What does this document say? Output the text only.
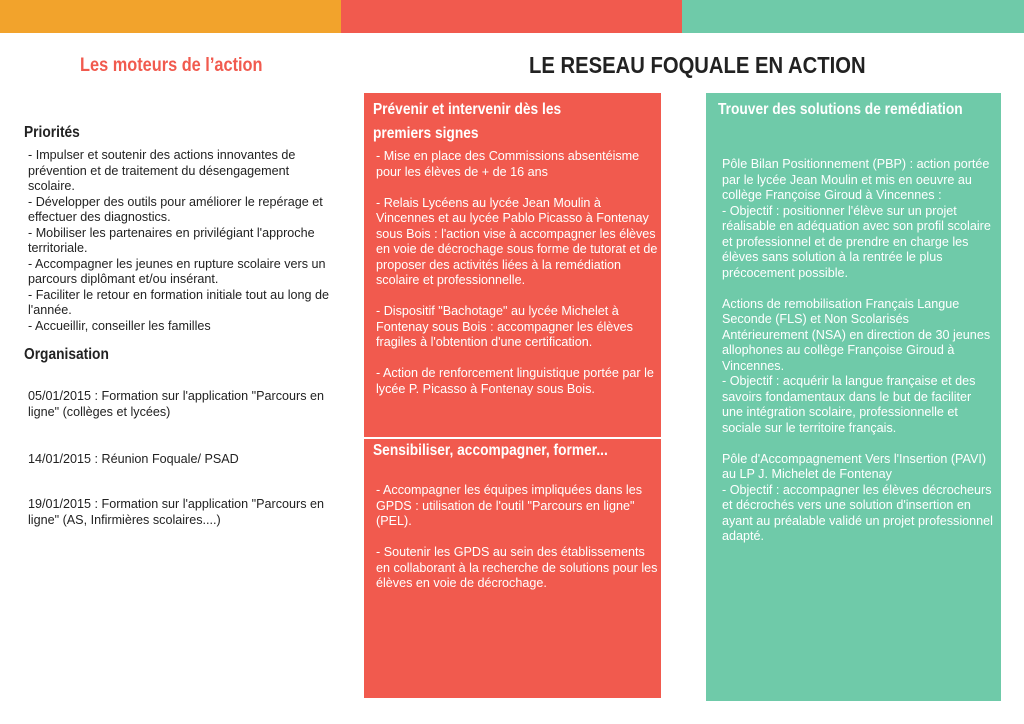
Les moteurs de l’action	LE RESEAU FOQUALE EN ACTION
Priorités
- Impulser et soutenir des actions innovantes de prévention et de traitement du désengagement scolaire.
- Développer des outils pour améliorer le repérage et effectuer des diagnostics.
- Mobiliser les partenaires en privilégiant l'approche territoriale.
- Accompagner les jeunes en rupture scolaire vers un parcours diplômant et/ou insérant.
- Faciliter le retour en formation initiale tout au long de l'année.
- Accueillir, conseiller les familles
Organisation
05/01/2015 : Formation sur l'application "Parcours en ligne" (collèges et lycées)
14/01/2015 : Réunion Foquale/ PSAD
19/01/2015 : Formation sur l'application "Parcours en ligne" (AS, Infirmières scolaires....)
Prévenir et intervenir dès les premiers signes
- Mise en place des Commissions absentéisme pour les élèves de + de 16 ans

- Relais Lycéens au lycée Jean Moulin à Vincennes et au lycée Pablo Picasso à Fontenay sous Bois : l'action vise à accompagner les élèves en voie de décrochage sous forme de tutorat et de proposer des activités liées à la remédiation scolaire et professionnelle.

- Dispositif "Bachotage" au lycée Michelet à Fontenay sous Bois : accompagner les élèves fragiles à l'obtention d'une certification.

- Action de renforcement linguistique portée par le lycée P. Picasso à Fontenay sous Bois.
Sensibiliser, accompagner, former...
- Accompagner les équipes impliquées dans les GPDS : utilisation de l'outil "Parcours en ligne" (PEL).

- Soutenir les GPDS au sein des établissements en collaborant à la recherche de solutions pour les élèves en voie de décrochage.
Trouver des solutions de remédiation
Pôle Bilan Positionnement (PBP) : action portée par le lycée Jean Moulin et mis en oeuvre au collège Françoise Giroud à Vincennes :
- Objectif : positionner l'élève sur un projet réalisable en adéquation avec son profil scolaire et professionnel et de prendre en charge les élèves sans solution à la rentrée le plus précocement possible.

Actions de remobilisation Français Langue Seconde (FLS) et Non Scolarisés Antérieurement (NSA) en direction de 30 jeunes allophones au collège Françoise Giroud à Vincennes.
- Objectif : acquérir la langue française et des savoirs fondamentaux dans le but de faciliter une intégration scolaire, professionnelle et sociale sur le territoire français.

Pôle d'Accompagnement Vers l'Insertion (PAVI) au LP J. Michelet de Fontenay
- Objectif : accompagner les élèves décrocheurs et décrochés vers une solution d'insertion en ayant au préalable validé un projet professionnel adapté.
